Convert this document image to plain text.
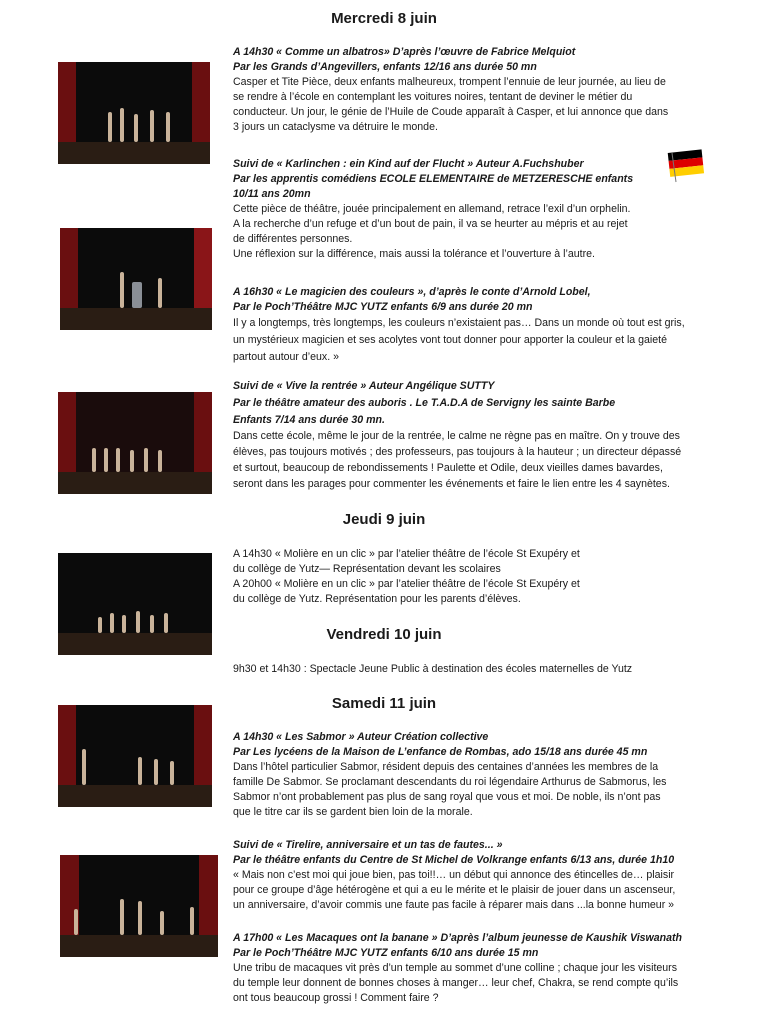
Mercredi 8 juin
Jeudi 9 juin
Vendredi 10 juin
Samedi 11 juin

A 14h30 « Comme un albatros» D’après l’œuvre de Fabrice Melquiot

Par les Grands d’Angevillers, enfants 12/16 ans durée 50 mn

Casper et Tite Pièce, deux enfants malheureux, trompent l’ennuie de leur journée, au lieu de
se rendre à l’école en contemplant les voitures noires, tentant de deviner le métier du
conducteur. Un jour, le génie de l’Huile de Coude apparaît à Casper, et lui annonce que dans
3 jours un cataclysme va détruire le monde.

Suivi de « Karlinchen : ein Kind auf der Flucht » Auteur A.Fuchshuber

Par les apprentis comédiens ECOLE ELEMENTAIRE de METZERESCHE enfants

10/11 ans 20mn

Cette pièce de théâtre, jouée principalement en allemand, retrace l’exil d’un orphelin.
A la recherche d’un refuge et d’un bout de pain, il va se heurter au mépris et au rejet
de différentes personnes.
Une réflexion sur la différence, mais aussi la tolérance et l’ouverture à l’autre.

A 16h30 « Le magicien des couleurs », d’après le conte d’Arnold Lobel,

Par le Poch’Théâtre MJC YUTZ enfants 6/9 ans durée 20 mn

Il y a longtemps, très longtemps, les couleurs n’existaient pas… Dans un monde où tout est gris,
un mystérieux magicien et ses acolytes vont tout donner pour apporter la couleur et la gaieté
partout autour d’eux. »

Suivi de « Vive la rentrée » Auteur Angélique SUTTY

Par le théâtre amateur des auboris . Le T.A.D.A de Servigny les sainte Barbe

Enfants 7/14 ans durée 30 mn.

Dans cette école, même le jour de la rentrée, le calme ne règne pas en maître. On y trouve des
élèves, pas toujours motivés ; des professeurs, pas toujours à la hauteur ; un directeur dépassé
et surtout, beaucoup de rebondissements ! Paulette et Odile, deux vieilles dames bavardes,
seront dans les parages pour commenter les événements et faire le lien entre les 4 saynètes.

A 14h30 « Molière en un clic » par l’atelier théâtre de l’école St Exupéry et

du collège de Yutz— Représentation devant les scolaires

A 20h00 « Molière en un clic » par l’atelier théâtre de l’école St Exupéry et

du collège de Yutz. Représentation pour les parents d’élèves.

9h30 et 14h30 : Spectacle Jeune Public à destination des écoles maternelles de Yutz

A 14h30 « Les Sabmor » Auteur Création collective

Par Les lycéens de la Maison de L’enfance de Rombas, ado 15/18 ans durée 45 mn

Dans l’hôtel particulier Sabmor, résident depuis des centaines d’années les membres de la
famille De Sabmor. Se proclamant descendants du roi légendaire Arthurus de Sabmorus, les
Sabmor n’ont probablement pas plus de sang royal que vous et moi. De noble, ils n’ont pas
que le titre car ils se gardent bien loin de la morale.

Suivi de « Tirelire, anniversaire et un tas de fautes... »

Par le théâtre enfants du Centre de St Michel de Volkrange enfants 6/13 ans, durée 1h10

« Mais non c’est moi qui joue bien, pas toi!!… un début qui annonce des étincelles de… plaisir
pour ce groupe d’âge hétérogène et qui a eu le mérite et le plaisir de jouer dans un ascenseur,
un anniversaire, d’avoir commis une faute pas facile à réparer mais dans ...la bonne humeur »

A 17h00 « Les Macaques ont la banane » D’après l’album jeunesse de Kaushik Viswanath

Par le Poch’Théâtre MJC YUTZ enfants 6/10 ans durée 15 mn

Une tribu de macaques vit près d’un temple au sommet d’une colline ; chaque jour les visiteurs
du temple leur donnent de bonnes choses à manger… leur chef, Chakra, se rend compte qu’ils
ont tous beaucoup grossi ! Comment faire ?
